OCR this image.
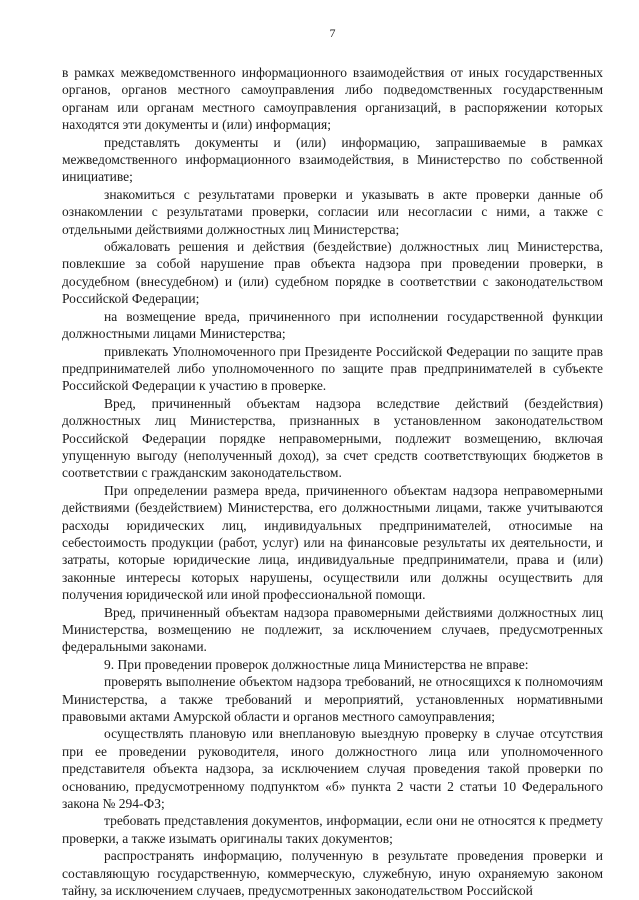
7

в рамках межведомственного информационного взаимодействия от иных государственных органов, органов местного самоуправления либо подведомственных государственным органам или органам местного самоуправления организаций, в распоряжении которых находятся эти документы и (или) информация;

представлять документы и (или) информацию, запрашиваемые в рамках межведомственного информационного взаимодействия, в Министерство по собственной инициативе;

знакомиться с результатами проверки и указывать в акте проверки данные об ознакомлении с результатами проверки, согласии или несогласии с ними, а также с отдельными действиями должностных лиц Министерства;

обжаловать решения и действия (бездействие) должностных лиц Министерства, повлекшие за собой нарушение прав объекта надзора при проведении проверки, в досудебном (внесудебном) и (или) судебном порядке в соответствии с законодательством Российской Федерации;

на возмещение вреда, причиненного при исполнении государственной функции должностными лицами Министерства;

привлекать Уполномоченного при Президенте Российской Федерации по защите прав предпринимателей либо уполномоченного по защите прав предпринимателей в субъекте Российской Федерации к участию в проверке.

Вред, причиненный объектам надзора вследствие действий (бездействия) должностных лиц Министерства, признанных в установленном законодательством Российской Федерации порядке неправомерными, подлежит возмещению, включая упущенную выгоду (неполученный доход), за счет средств соответствующих бюджетов в соответствии с гражданским законодательством.

При определении размера вреда, причиненного объектам надзора неправомерными действиями (бездействием) Министерства, его должностными лицами, также учитываются расходы юридических лиц, индивидуальных предпринимателей, относимые на себестоимость продукции (работ, услуг) или на финансовые результаты их деятельности, и затраты, которые юридические лица, индивидуальные предприниматели, права и (или) законные интересы которых нарушены, осуществили или должны осуществить для получения юридической или иной профессиональной помощи.

Вред, причиненный объектам надзора правомерными действиями должностных лиц Министерства, возмещению не подлежит, за исключением случаев, предусмотренных федеральными законами.

9. При проведении проверок должностные лица Министерства не вправе:

проверять выполнение объектом надзора требований, не относящихся к полномочиям Министерства, а также требований и мероприятий, установленных нормативными правовыми актами Амурской области и органов местного самоуправления;

осуществлять плановую или внеплановую выездную проверку в случае отсутствия при ее проведении руководителя, иного должностного лица или уполномоченного представителя объекта надзора, за исключением случая проведения такой проверки по основанию, предусмотренному подпунктом «б» пункта 2 части 2 статьи 10 Федерального закона № 294-ФЗ;

требовать представления документов, информации, если они не относятся к предмету проверки, а также изымать оригиналы таких документов;

распространять информацию, полученную в результате проведения проверки и составляющую государственную, коммерческую, служебную, иную охраняемую законом тайну, за исключением случаев, предусмотренных законодательством Российской
